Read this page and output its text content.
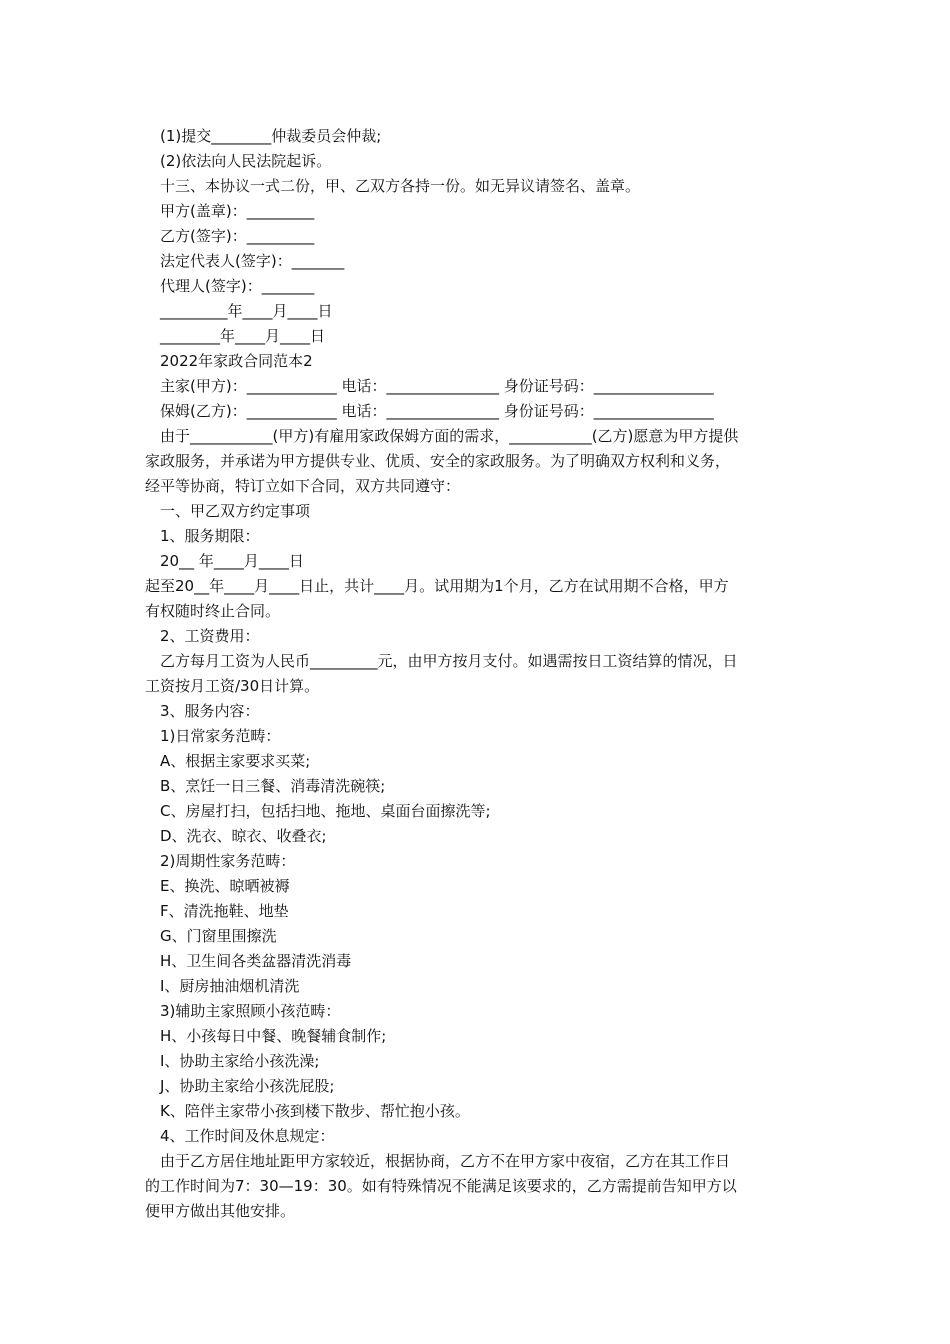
(1)提交________仲裁委员会仲裁;
(2)依法向人民法院起诉。
十三、本协议一式二份，甲、乙双方各持一份。如无异议请签名、盖章。
甲方(盖章)：_________
乙方(签字)：_________
法定代表人(签字)：_______
代理人(签字)：_______
_________年____月____日
________年____月____日
2022年家政合同范本2
主家(甲方)：____________ 电话：_______________ 身份证号码：________________
保姆(乙方)：____________ 电话：_______________ 身份证号码：________________
由于___________(甲方)有雇用家政保姆方面的需求，___________(乙方)愿意为甲方提供
家政服务，并承诺为甲方提供专业、优质、安全的家政服务。为了明确双方权利和义务，
经平等协商，特订立如下合同，双方共同遵守：
一、甲乙双方约定事项
1、服务期限：
20__ 年____月____日
起至20__年____月____日止，共计____月。试用期为1个月，乙方在试用期不合格，甲方
有权随时终止合同。
2、工资费用：
乙方每月工资为人民币_________元，由甲方按月支付。如遇需按日工资结算的情况，日
工资按月工资/30日计算。
3、服务内容：
1)日常家务范畴：
A、根据主家要求买菜;
B、烹饪一日三餐、消毒清洗碗筷;
C、房屋打扫，包括扫地、拖地、桌面台面擦洗等;
D、洗衣、晾衣、收叠衣;
2)周期性家务范畴：
E、换洗、晾晒被褥
F、清洗拖鞋、地垫
G、门窗里围擦洗
H、卫生间各类盆器清洗消毒
I、厨房抽油烟机清洗
3)辅助主家照顾小孩范畴：
H、小孩每日中餐、晚餐辅食制作;
I、协助主家给小孩洗澡;
J、协助主家给小孩洗屁股;
K、陪伴主家带小孩到楼下散步、帮忙抱小孩。
4、工作时间及休息规定：
由于乙方居住地址距甲方家较近，根据协商，乙方不在甲方家中夜宿，乙方在其工作日
的工作时间为7：30—19：30。如有特殊情况不能满足该要求的，乙方需提前告知甲方以
便甲方做出其他安排。
